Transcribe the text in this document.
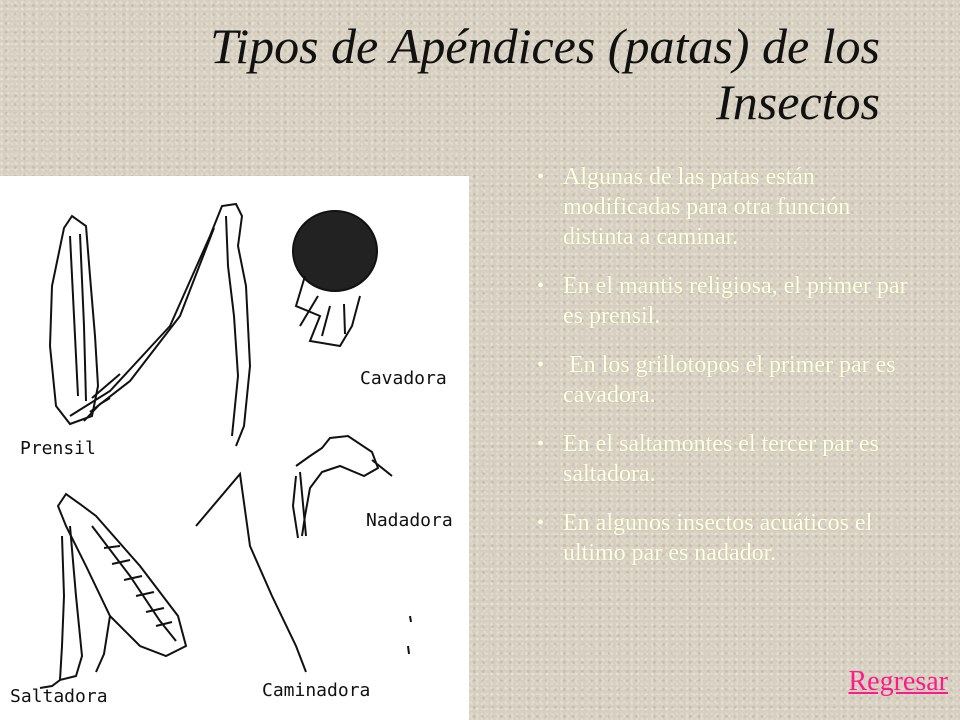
Tipos de Apéndices (patas) de los
Insectos
Cavadora
Prensil
Nadadora
Saltadora	Caminadora
• Algunas de las patas están modificadas para otra función distinta a caminar.
• En el mantis religiosa, el primer par es prensil.
• En los grillotopos el primer par es cavadora.
• En el saltamontes el tercer par es saltadora.
• En algunos insectos acuáticos el ultimo par es nadador.
Regresar
